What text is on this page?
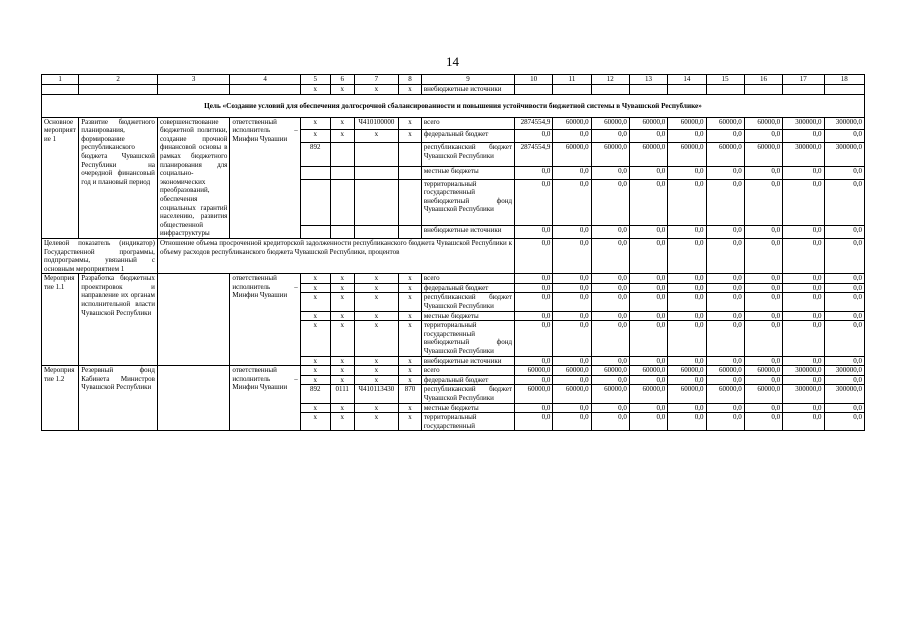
14
1	2	3	4	5	6	7	8	9	10	11	12	13	14	15	16	17	18
				x	x	x	x	внебюджетные источники									
Цель «Создание условий для обеспечения долгосрочной сбалансированности и повышения устойчивости бюджетной системы в Чувашской Республике»																	
Основное мероприятие 1	Развитие бюджетного планирования, формирование республиканского бюджета Чувашской Республики на очередной финансовый год и плановый период	совершенствование бюджетной политики, создание прочной финансовой основы в рамках бюджетного планирования для социально-экономических преобразований, обеспечения социальных гарантий населению, развития общественной инфраструктуры	ответственный исполнитель – Минфин Чувашии	x	x	Ч410100000	x	всего	2874554,9	60000,0	60000,0	60000,0	60000,0	60000,0	60000,0	300000,0	300000,0
				x	x	x	x	федеральный бюджет	0,0	0,0	0,0	0,0	0,0	0,0	0,0	0,0	0,0
				892				республиканский бюджет Чувашской Республики	2874554,9	60000,0	60000,0	60000,0	60000,0	60000,0	60000,0	300000,0	300000,0
								местные бюджеты	0,0	0,0	0,0	0,0	0,0	0,0	0,0	0,0	0,0
								территориальный государственный внебюджетный фонд Чувашской Республики	0,0	0,0	0,0	0,0	0,0	0,0	0,0	0,0	0,0
								внебюджетные источники	0,0	0,0	0,0	0,0	0,0	0,0	0,0	0,0	0,0
Целевой показатель (индикатор) Государственной программы, подпрограммы, увязанный с основным мероприятием 1		Отношение объема просроченной кредиторской задолженности республиканского бюджета Чувашской Республики к объему расходов республиканского бюджета Чувашской Республики, процентов							0,0	0,0	0,0	0,0	0,0	0,0	0,0	0,0	0,0
Мероприятие 1.1	Разработка бюджетных проектировок и направление их органам исполнительной власти Чувашской Республики		ответственный исполнитель – Минфин Чувашии	x	x	x	x	всего	0,0	0,0	0,0	0,0	0,0	0,0	0,0	0,0	0,0
				x	x	x	x	федеральный бюджет	0,0	0,0	0,0	0,0	0,0	0,0	0,0	0,0	0,0
				x	x	x	x	республиканский бюджет Чувашской Республики	0,0	0,0	0,0	0,0	0,0	0,0	0,0	0,0	0,0
				x	x	x	x	местные бюджеты	0,0	0,0	0,0	0,0	0,0	0,0	0,0	0,0	0,0
				x	x	x	x	территориальный государственный внебюджетный фонд Чувашской Республики	0,0	0,0	0,0	0,0	0,0	0,0	0,0	0,0	0,0
				x	x	x	x	внебюджетные источники	0,0	0,0	0,0	0,0	0,0	0,0	0,0	0,0	0,0
Мероприятие 1.2	Резервный фонд Кабинета Министров Чувашской Республики		ответственный исполнитель – Минфин Чувашии	x	x	x	x	всего	60000,0	60000,0	60000,0	60000,0	60000,0	60000,0	60000,0	300000,0	300000,0
				x	x	x	x	федеральный бюджет	0,0	0,0	0,0	0,0	0,0	0,0	0,0	0,0	0,0
				892	0111	Ч410113430	870	республиканский бюджет Чувашской Республики	60000,0	60000,0	60000,0	60000,0	60000,0	60000,0	60000,0	300000,0	300000,0
				x	x	x	x	местные бюджеты	0,0	0,0	0,0	0,0	0,0	0,0	0,0	0,0	0,0
				x	x	x	x	территориальный государственный	0,0	0,0	0,0	0,0	0,0	0,0	0,0	0,0	0,0
